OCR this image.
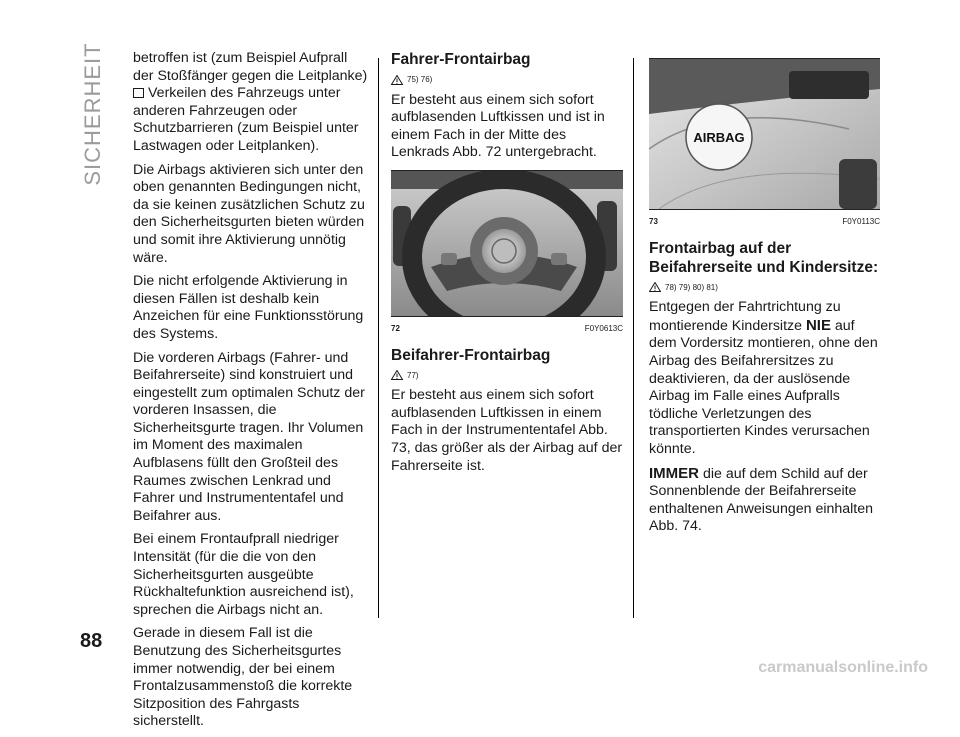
SICHERHEIT
88

betroffen ist (zum Beispiel Aufprall der Stoßfänger gegen die Leitplanke)

Verkeilen des Fahrzeugs unter anderen Fahrzeugen oder Schutzbarrieren (zum Beispiel unter Lastwagen oder Leitplanken).

Die Airbags aktivieren sich unter den oben genannten Bedingungen nicht, da sie keinen zusätzlichen Schutz zu den Sicherheitsgurten bieten würden und somit ihre Aktivierung unnötig wäre.

Die nicht erfolgende Aktivierung in diesen Fällen ist deshalb kein Anzeichen für eine Funktionsstörung des Systems.

Die vorderen Airbags (Fahrer- und Beifahrerseite) sind konstruiert und eingestellt zum optimalen Schutz der vorderen Insassen, die Sicherheitsgurte tragen. Ihr Volumen im Moment des maximalen Aufblasens füllt den Großteil des Raumes zwischen Lenkrad und Fahrer und Instrumententafel und Beifahrer aus.

Bei einem Frontaufprall niedriger Intensität (für die die von den Sicherheitsgurten ausgeübte Rückhaltefunktion ausreichend ist), sprechen die Airbags nicht an.

Gerade in diesem Fall ist die Benutzung des Sicherheitsgurtes immer notwendig, der bei einem Frontalzusammenstoß die korrekte Sitzposition des Fahrgasts sicherstellt.

Fahrer-Frontairbag
75) 76)

Er besteht aus einem sich sofort aufblasenden Luftkissen und ist in einem Fach in der Mitte des Lenkrads Abb. 72 untergebracht.

72	F0Y0613C
Beifahrer-Frontairbag
77)

Er besteht aus einem sich sofort aufblasenden Luftkissen in einem Fach in der Instrumententafel Abb. 73, das größer als der Airbag auf der Fahrerseite ist.

AIRBAG
500
73	F0Y0113C
Frontairbag auf der Beifahrerseite und Kindersitze:
78) 79) 80) 81)

Entgegen der Fahrtrichtung zu montierende Kindersitze NIE auf dem Vordersitz montieren, ohne den Airbag des Beifahrersitzes zu deaktivieren, da der auslösende Airbag im Falle eines Aufpralls tödliche Verletzungen des transportierten Kindes verursachen könnte.

IMMER die auf dem Schild auf der Sonnenblende der Beifahrerseite enthaltenen Anweisungen einhalten Abb. 74.

carmanualsonline.info
